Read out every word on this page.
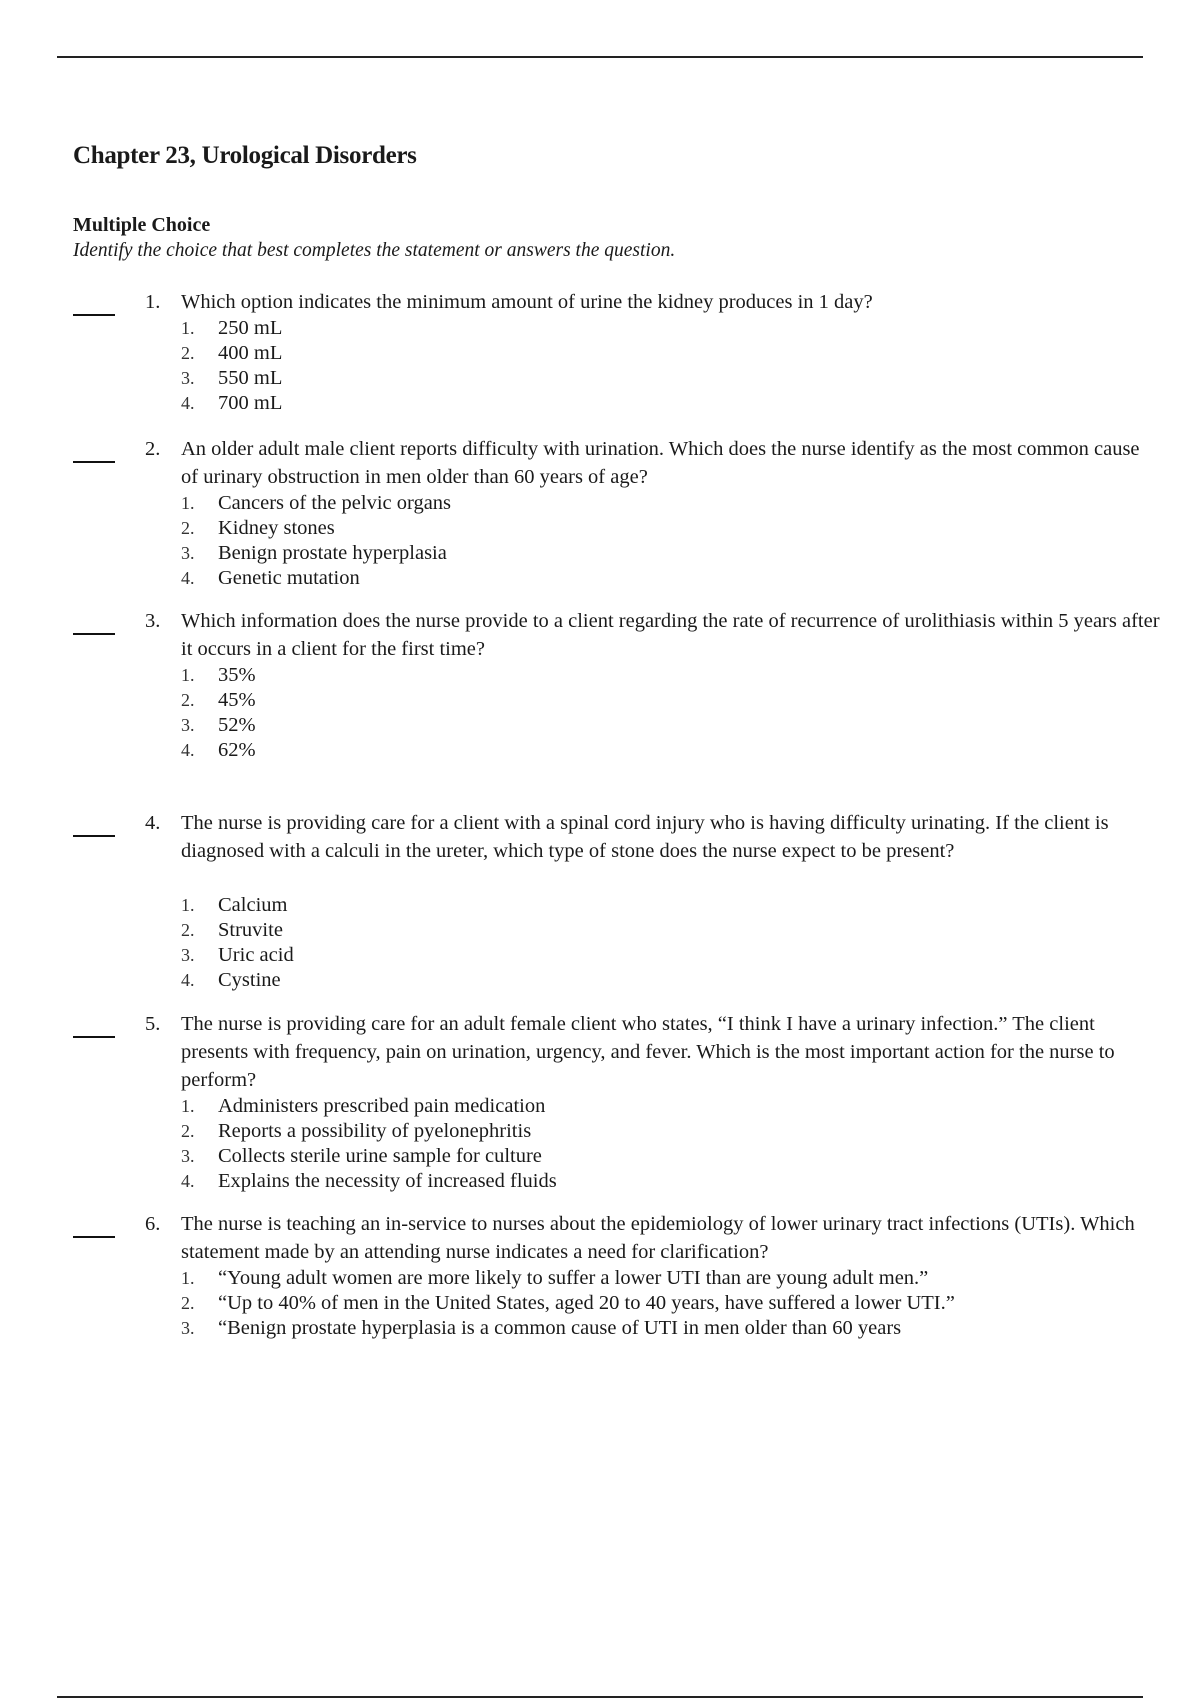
Chapter 23, Urological Disorders
Multiple Choice
Identify the choice that best completes the statement or answers the question.
1.	Which option indicates the minimum amount of urine the kidney produces in 1 day?
1.	250 mL
2.	400 mL
3.	550 mL
4.	700 mL
2.	An older adult male client reports difficulty with urination. Which does the nurse identify as the most common cause of urinary obstruction in men older than 60 years of age?
1.	Cancers of the pelvic organs
2.	Kidney stones
3.	Benign prostate hyperplasia
4.	Genetic mutation
3.	Which information does the nurse provide to a client regarding the rate of recurrence of urolithiasis within 5 years after it occurs in a client for the first time?
1.	35%
2.	45%
3.	52%
4.	62%
4.	The nurse is providing care for a client with a spinal cord injury who is having difficulty urinating. If the client is diagnosed with a calculi in the ureter, which type of stone does the nurse expect to be present?
1.	Calcium
2.	Struvite
3.	Uric acid
4.	Cystine
5.	The nurse is providing care for an adult female client who states, “I think I have a urinary infection.” The client presents with frequency, pain on urination, urgency, and fever. Which is the most important action for the nurse to perform?
1.	Administers prescribed pain medication
2.	Reports a possibility of pyelonephritis
3.	Collects sterile urine sample for culture
4.	Explains the necessity of increased fluids
6.	The nurse is teaching an in-service to nurses about the epidemiology of lower urinary tract infections (UTIs). Which statement made by an attending nurse indicates a need for clarification?
1.	“Young adult women are more likely to suffer a lower UTI than are young adult men.”
2.	“Up to 40% of men in the United States, aged 20 to 40 years, have suffered a lower UTI.”
3.	“Benign prostate hyperplasia is a common cause of UTI in men older than 60 years
